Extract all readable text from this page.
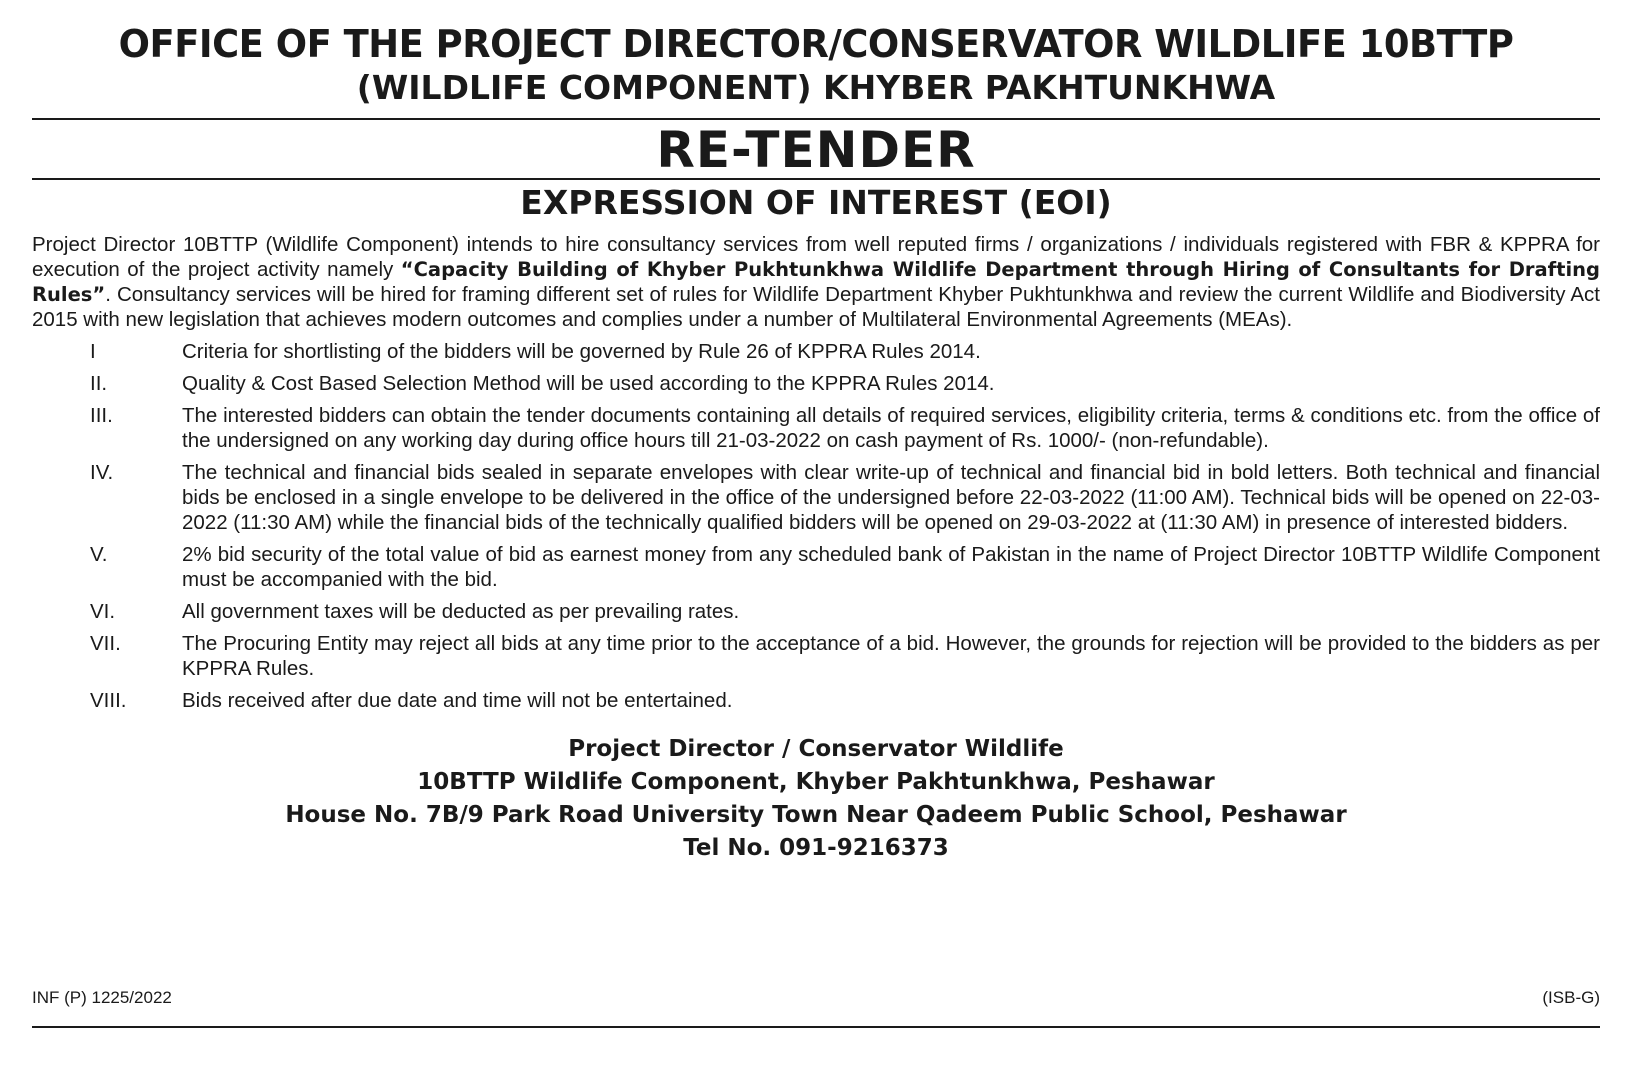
OFFICE OF THE PROJECT DIRECTOR/CONSERVATOR WILDLIFE 10BTTP
(WILDLIFE COMPONENT) KHYBER PAKHTUNKHWA
RE-TENDER
EXPRESSION OF INTEREST (EOI)
Project Director 10BTTP (Wildlife Component) intends to hire consultancy services from well reputed firms / organizations / individuals registered with FBR & KPPRA for execution of the project activity namely “Capacity Building of Khyber Pukhtunkhwa Wildlife Department through Hiring of Consultants for Drafting Rules”. Consultancy services will be hired for framing different set of rules for Wildlife Department Khyber Pukhtunkhwa and review the current Wildlife and Biodiversity Act 2015 with new legislation that achieves modern outcomes and complies under a number of Multilateral Environmental Agreements (MEAs).
I	Criteria for shortlisting of the bidders will be governed by Rule 26 of KPPRA Rules 2014.
II.	Quality & Cost Based Selection Method will be used according to the KPPRA Rules 2014.
III.	The interested bidders can obtain the tender documents containing all details of required services, eligibility criteria, terms & conditions etc. from the office of the undersigned on any working day during office hours till 21-03-2022 on cash payment of Rs. 1000/- (non-refundable).
IV.	The technical and financial bids sealed in separate envelopes with clear write-up of technical and financial bid in bold letters. Both technical and financial bids be enclosed in a single envelope to be delivered in the office of the undersigned before 22-03-2022 (11:00 AM). Technical bids will be opened on 22-03-2022 (11:30 AM) while the financial bids of the technically qualified bidders will be opened on 29-03-2022 at (11:30 AM) in presence of interested bidders.
V.	2% bid security of the total value of bid as earnest money from any scheduled bank of Pakistan in the name of Project Director 10BTTP Wildlife Component must be accompanied with the bid.
VI.	All government taxes will be deducted as per prevailing rates.
VII.	The Procuring Entity may reject all bids at any time prior to the acceptance of a bid. However, the grounds for rejection will be provided to the bidders as per KPPRA Rules.
VIII.	Bids received after due date and time will not be entertained.
Project Director / Conservator Wildlife
10BTTP Wildlife Component, Khyber Pakhtunkhwa, Peshawar
House No. 7B/9 Park Road University Town Near Qadeem Public School, Peshawar
Tel No. 091-9216373
INF (P) 1225/2022	(ISB-G)
